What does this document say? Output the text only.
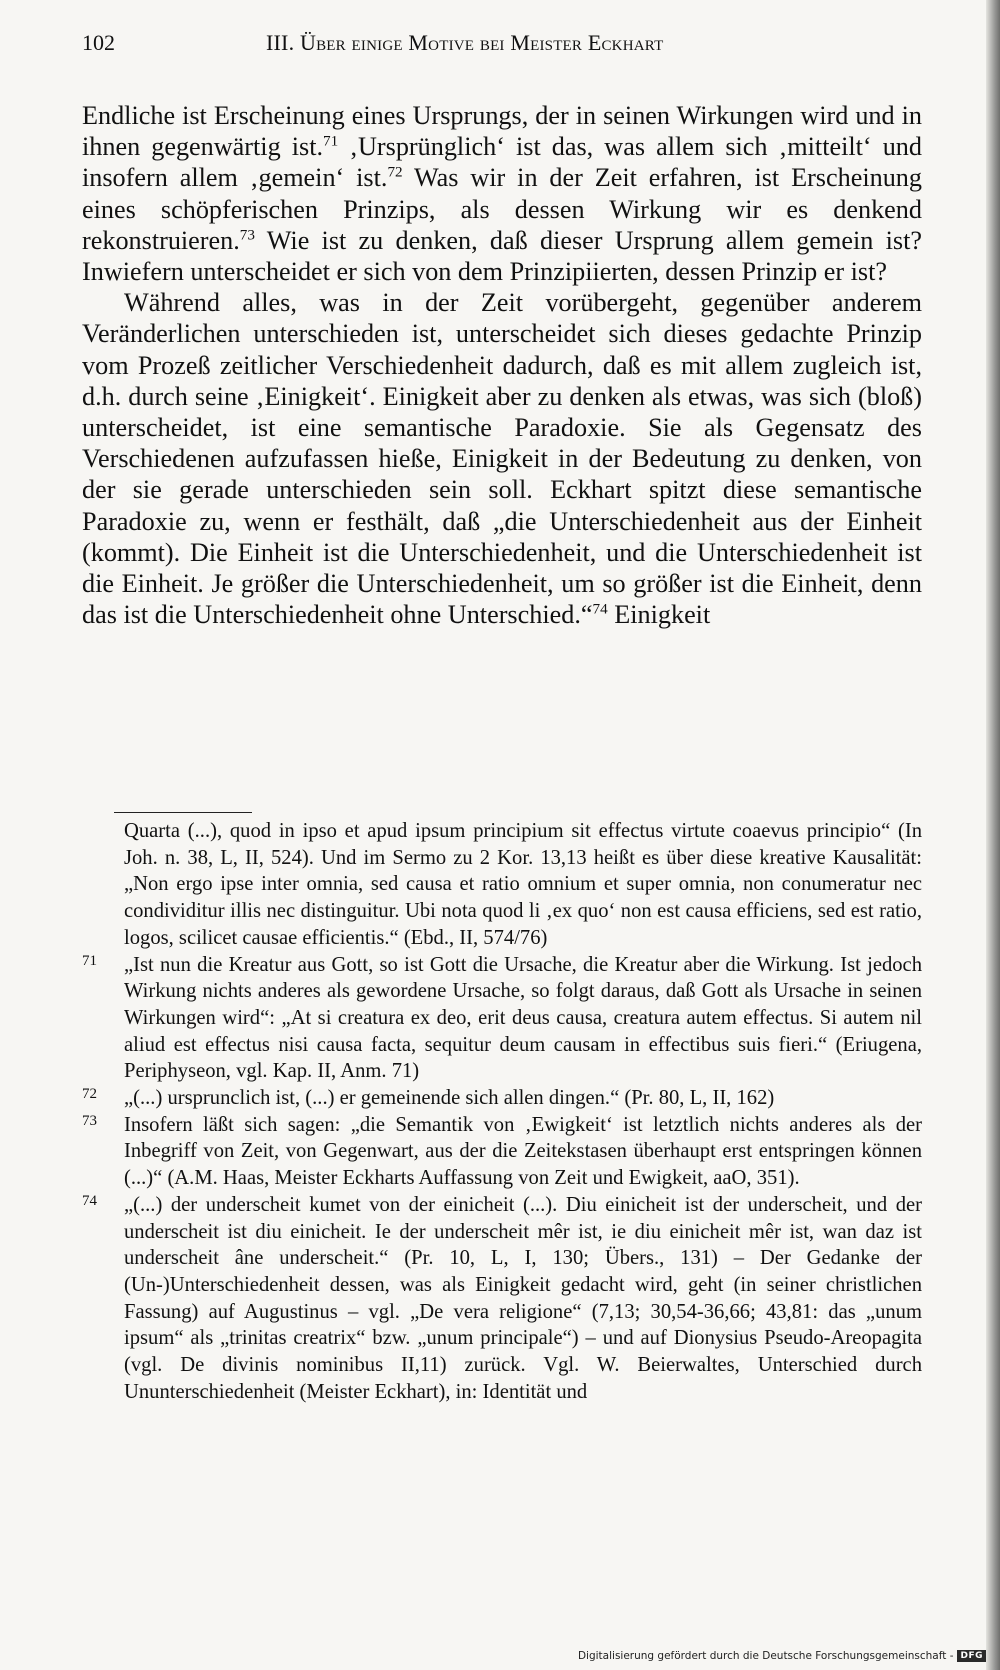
102	III. Über einige Motive bei Meister Eckhart

Endliche ist Erscheinung eines Ursprungs, der in seinen Wirkungen wird und in ihnen gegenwärtig ist.$^{71}$ ‚Ursprünglich‘ ist das, was allem sich ‚mitteilt‘ und insofern allem ‚gemein‘ ist.$^{72}$ Was wir in der Zeit erfahren, ist Erscheinung eines schöpferischen Prinzips, als dessen Wirkung wir es denkend rekonstruieren.$^{73}$ Wie ist zu denken, daß dieser Ursprung allem gemein ist? Inwiefern unterscheidet er sich von dem Prinzipiierten, dessen Prinzip er ist?

Während alles, was in der Zeit vorübergeht, gegenüber anderem Veränderlichen unterschieden ist, unterscheidet sich dieses gedachte Prinzip vom Prozeß zeitlicher Verschiedenheit dadurch, daß es mit allem zugleich ist, d.h. durch seine ‚Einigkeit‘. Einigkeit aber zu denken als etwas, was sich (bloß) unterscheidet, ist eine semantische Paradoxie. Sie als Gegensatz des Verschiedenen aufzufassen hieße, Einigkeit in der Bedeutung zu denken, von der sie gerade unterschieden sein soll. Eckhart spitzt diese semantische Paradoxie zu, wenn er festhält, daß „die Unterschiedenheit aus der Einheit (kommt). Die Einheit ist die Unterschiedenheit, und die Unterschiedenheit ist die Einheit. Je größer die Unterschiedenheit, um so größer ist die Einheit, denn das ist die Unterschiedenheit ohne Unterschied.“$^{74}$ Einigkeit

Quarta (...), quod in ipso et apud ipsum principium sit effectus virtute coaevus principio“ (In Joh. n. 38, L, II, 524). Und im Sermo zu 2 Kor. 13,13 heißt es über diese kreative Kausalität: „Non ergo ipse inter omnia, sed causa et ratio omnium et super omnia, non conumeratur nec condividitur illis nec distinguitur. Ubi nota quod li ‚ex quo‘ non est causa efficiens, sed est ratio, logos, scilicet causae efficientis.“ (Ebd., II, 574/76)

71 „Ist nun die Kreatur aus Gott, so ist Gott die Ursache, die Kreatur aber die Wirkung. Ist jedoch Wirkung nichts anderes als gewordene Ursache, so folgt daraus, daß Gott als Ursache in seinen Wirkungen wird“: „At si creatura ex deo, erit deus causa, creatura autem effectus. Si autem nil aliud est effectus nisi causa facta, sequitur deum causam in effectibus suis fieri.“ (Eriugena, Periphyseon, vgl. Kap. II, Anm. 71)

72 „(...) ursprunclich ist, (...) er gemeinende sich allen dingen.“ (Pr. 80, L, II, 162)

73 Insofern läßt sich sagen: „die Semantik von ‚Ewigkeit‘ ist letztlich nichts anderes als der Inbegriff von Zeit, von Gegenwart, aus der die Zeitekstasen überhaupt erst entspringen können (...)“ (A.M. Haas, Meister Eckharts Auffassung von Zeit und Ewigkeit, aaO, 351).

74 „(...) der underscheit kumet von der einicheit (...). Diu einicheit ist der underscheit, und der underscheit ist diu einicheit. Ie der underscheit mêr ist, ie diu einicheit mêr ist, wan daz ist underscheit âne underscheit.“ (Pr. 10, L, I, 130; Übers., 131) – Der Gedanke der (Un-)Unterschiedenheit dessen, was als Einigkeit gedacht wird, geht (in seiner christlichen Fassung) auf Augustinus – vgl. „De vera religione“ (7,13; 30,54-36,66; 43,81: das „unum ipsum“ als „trinitas creatrix“ bzw. „unum principale“) – und auf Dionysius Pseudo-Areopagita (vgl. De divinis nominibus II,11) zurück. Vgl. W. Beierwaltes, Unterschied durch Ununterschiedenheit (Meister Eckhart), in: Identität und

Digitalisierung gefördert durch die Deutsche Forschungsgemeinschaft - DFG
